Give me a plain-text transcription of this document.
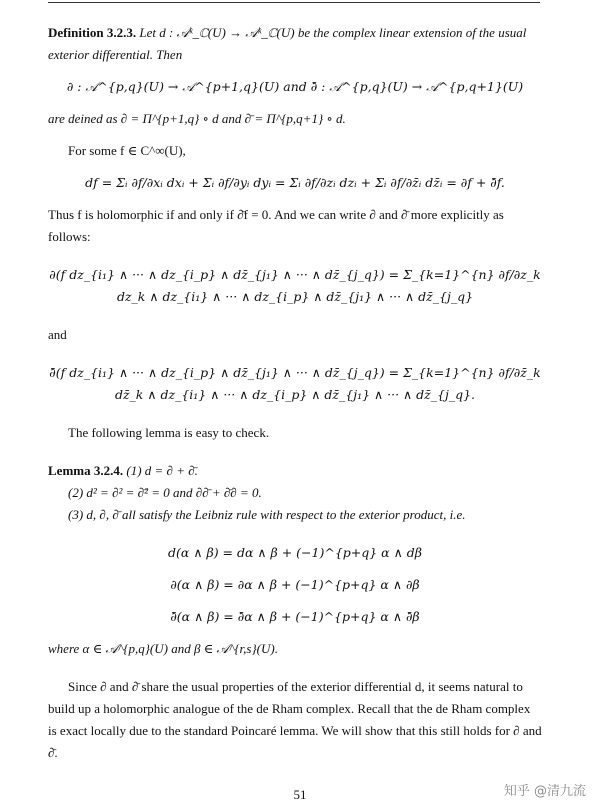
Definition 3.2.3. Let d : 𝒜ᵏ_ℂ(U) → 𝒜ᵏ_ℂ(U) be the complex linear extension of the usual exterior differential. Then

∂ : 𝒜^{p,q}(U) → 𝒜^{p+1,q}(U) and ∂̄ : 𝒜^{p,q}(U) → 𝒜^{p,q+1}(U)

are deined as ∂ = Π^{p+1,q} ∘ d and ∂̄ = Π^{p,q+1} ∘ d.

For some f ∈ C^∞(U),

df = Σᵢ ∂f/∂xᵢ dxᵢ + Σᵢ ∂f/∂yᵢ dyᵢ = Σᵢ ∂f/∂zᵢ dzᵢ + Σᵢ ∂f/∂z̄ᵢ dz̄ᵢ = ∂f + ∂̄f.

Thus f is holomorphic if and only if ∂̄f = 0. And we can write ∂ and ∂̄ more explicitly as follows:

∂(f dz_{i₁} ∧ ··· ∧ dz_{i_p} ∧ dz̄_{j₁} ∧ ··· ∧ dz̄_{j_q}) = Σ_{k=1}^{n} ∂f/∂z_k dz_k ∧ dz_{i₁} ∧ ··· ∧ dz_{i_p} ∧ dz̄_{j₁} ∧ ··· ∧ dz̄_{j_q}

and

∂̄(f dz_{i₁} ∧ ··· ∧ dz_{i_p} ∧ dz̄_{j₁} ∧ ··· ∧ dz̄_{j_q}) = Σ_{k=1}^{n} ∂f/∂z̄_k dz̄_k ∧ dz_{i₁} ∧ ··· ∧ dz_{i_p} ∧ dz̄_{j₁} ∧ ··· ∧ dz̄_{j_q}.

The following lemma is easy to check.

Lemma 3.2.4. (1) d = ∂ + ∂̄.

(2) d² = ∂² = ∂̄² = 0 and ∂∂̄ + ∂̄∂ = 0.

(3) d, ∂, ∂̄ all satisfy the Leibniz rule with respect to the exterior product, i.e.

d(α ∧ β) = dα ∧ β + (−1)^{p+q} α ∧ dβ

∂(α ∧ β) = ∂α ∧ β + (−1)^{p+q} α ∧ ∂β

∂̄(α ∧ β) = ∂̄α ∧ β + (−1)^{p+q} α ∧ ∂̄β

where α ∈ 𝒜^{p,q}(U) and β ∈ 𝒜^{r,s}(U).

Since ∂ and ∂̄ share the usual properties of the exterior differential d, it seems natural to build up a holomorphic analogue of the de Rham complex. Recall that the de Rham complex is exact locally due to the standard Poincaré lemma. We will show that this still holds for ∂ and ∂̄.

51	知乎 @清九流
